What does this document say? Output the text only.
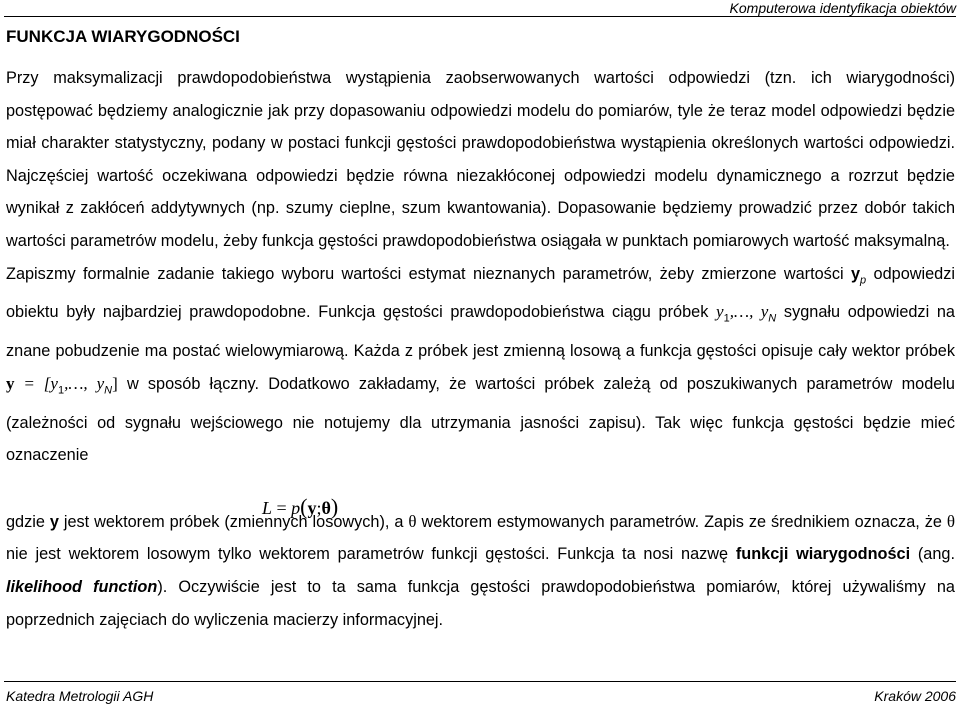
Komputerowa identyfikacja obiektów
FUNKCJA WIARYGODNOŚCI

Przy maksymalizacji prawdopodobieństwa wystąpienia zaobserwowanych wartości odpowiedzi (tzn. ich wiarygodności) postępować będziemy analogicznie jak przy dopasowaniu odpowiedzi modelu do pomiarów, tyle że teraz model odpowiedzi będzie miał charakter statystyczny, podany w postaci funkcji gęstości prawdopodobieństwa wystąpienia określonych wartości odpowiedzi. Najczęściej wartość oczekiwana odpowiedzi będzie równa niezakłóconej odpowiedzi modelu dynamicznego a rozrzut będzie wynikał z zakłóceń addytywnych (np. szumy cieplne, szum kwantowania). Dopasowanie będziemy prowadzić przez dobór takich wartości parametrów modelu, żeby funkcja gęstości prawdopodobieństwa osiągała w punktach pomiarowych wartość maksymalną.

Zapiszmy formalnie zadanie takiego wyboru wartości estymat nieznanych parametrów, żeby zmierzone wartości $y_p$ odpowiedzi obiektu były najbardziej prawdopodobne. Funkcja gęstości prawdopodobieństwa ciągu próbek $y_1,\dots$, $y_N$ sygnału odpowiedzi na znane pobudzenie ma postać wielowymiarową. Każda z próbek jest zmienną losową a funkcja gęstości opisuje cały wektor próbek $y = [y_1,\dots$, $y_N$] w sposób łączny. Dodatkowo zakładamy, że wartości próbek zależą od poszukiwanych parametrów modelu (zależności od sygnału wejściowego nie notujemy dla utrzymania jasności zapisu). Tak więc funkcja gęstości będzie mieć oznaczenie

gdzie y jest wektorem próbek (zmiennych losowych), a θ wektorem estymowanych parametrów. Zapis ze średnikiem oznacza, że θ nie jest wektorem losowym tylko wektorem parametrów funkcji gęstości. Funkcja ta nosi nazwę funkcji wiarygodności (ang. likelihood function). Oczywiście jest to ta sama funkcja gęstości prawdopodobieństwa pomiarów, której używaliśmy na poprzednich zajęciach do wyliczenia macierzy informacyjnej.

L = p(y;θ)
Katedra Metrologii AGH	Kraków 2006
